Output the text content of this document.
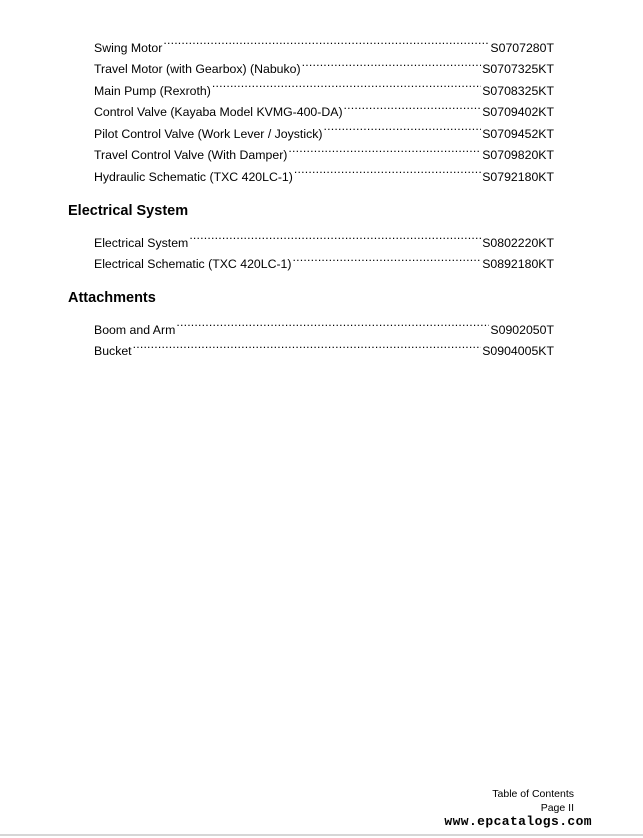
Swing Motor .....	S0707280T
Travel Motor (with Gearbox) (Nabuko) .....	S0707325KT
Main Pump (Rexroth) .....	S0708325KT
Control Valve (Kayaba Model KVMG-400-DA) .....	S0709402KT
Pilot Control Valve (Work Lever / Joystick) .....	S0709452KT
Travel Control Valve (With Damper) .....	S0709820KT
Hydraulic Schematic (TXC 420LC-1) .....	S0792180KT
Electrical System
Electrical System .....	S0802220KT
Electrical Schematic (TXC 420LC-1) .....	S0892180KT
Attachments
Boom and Arm .....	S0902050T
Bucket .....	S0904005KT
Table of Contents
Page II
www.epcatalogs.com
